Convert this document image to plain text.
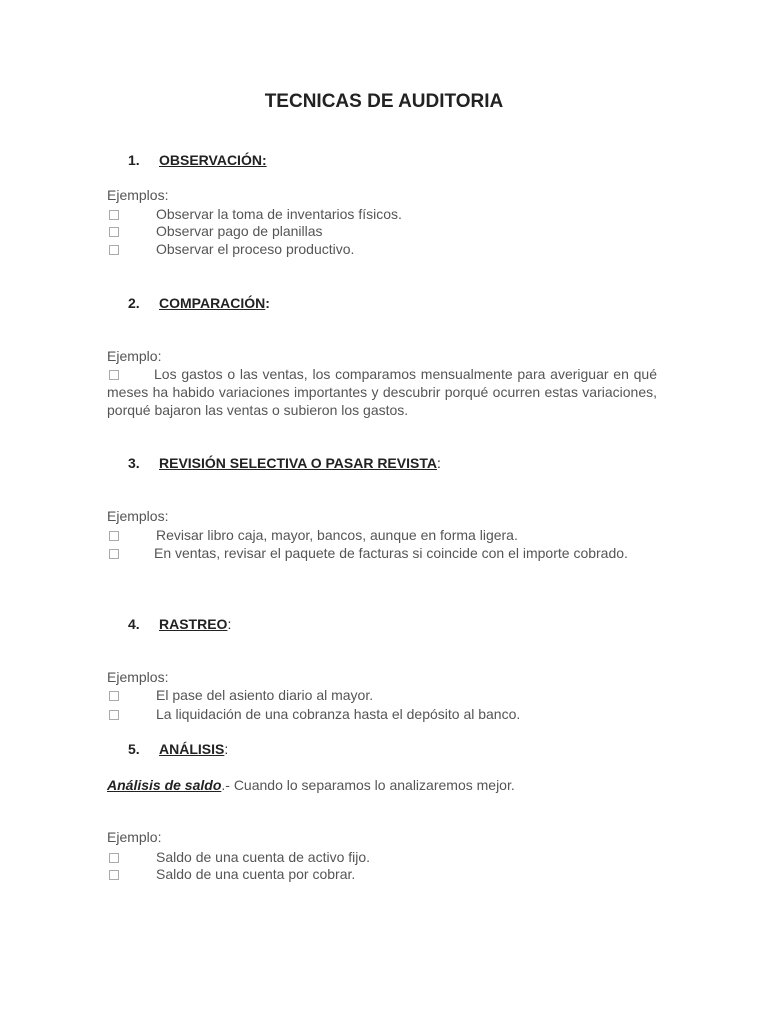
TECNICAS DE AUDITORIA
1. OBSERVACIÓN:
Ejemplos:
Observar la toma de inventarios físicos.
Observar pago de planillas
Observar el proceso productivo.
2. COMPARACIÓN:
Ejemplo:
Los gastos o las ventas, los comparamos mensualmente para averiguar en qué meses ha habido variaciones importantes y descubrir porqué ocurren estas variaciones, porqué bajaron las ventas o subieron los gastos.
3. REVISIÓN SELECTIVA O PASAR REVISTA:
Ejemplos:
Revisar libro caja, mayor, bancos, aunque en forma ligera.
En ventas, revisar el paquete de facturas si coincide con el importe cobrado.
4. RASTREO:
Ejemplos:
El pase del asiento diario al mayor.
La liquidación de una cobranza hasta el depósito al banco.
5. ANÁLISIS:
Análisis de saldo.- Cuando lo separamos lo analizaremos mejor.
Ejemplo:
Saldo de una cuenta de activo fijo.
Saldo de una cuenta por cobrar.
